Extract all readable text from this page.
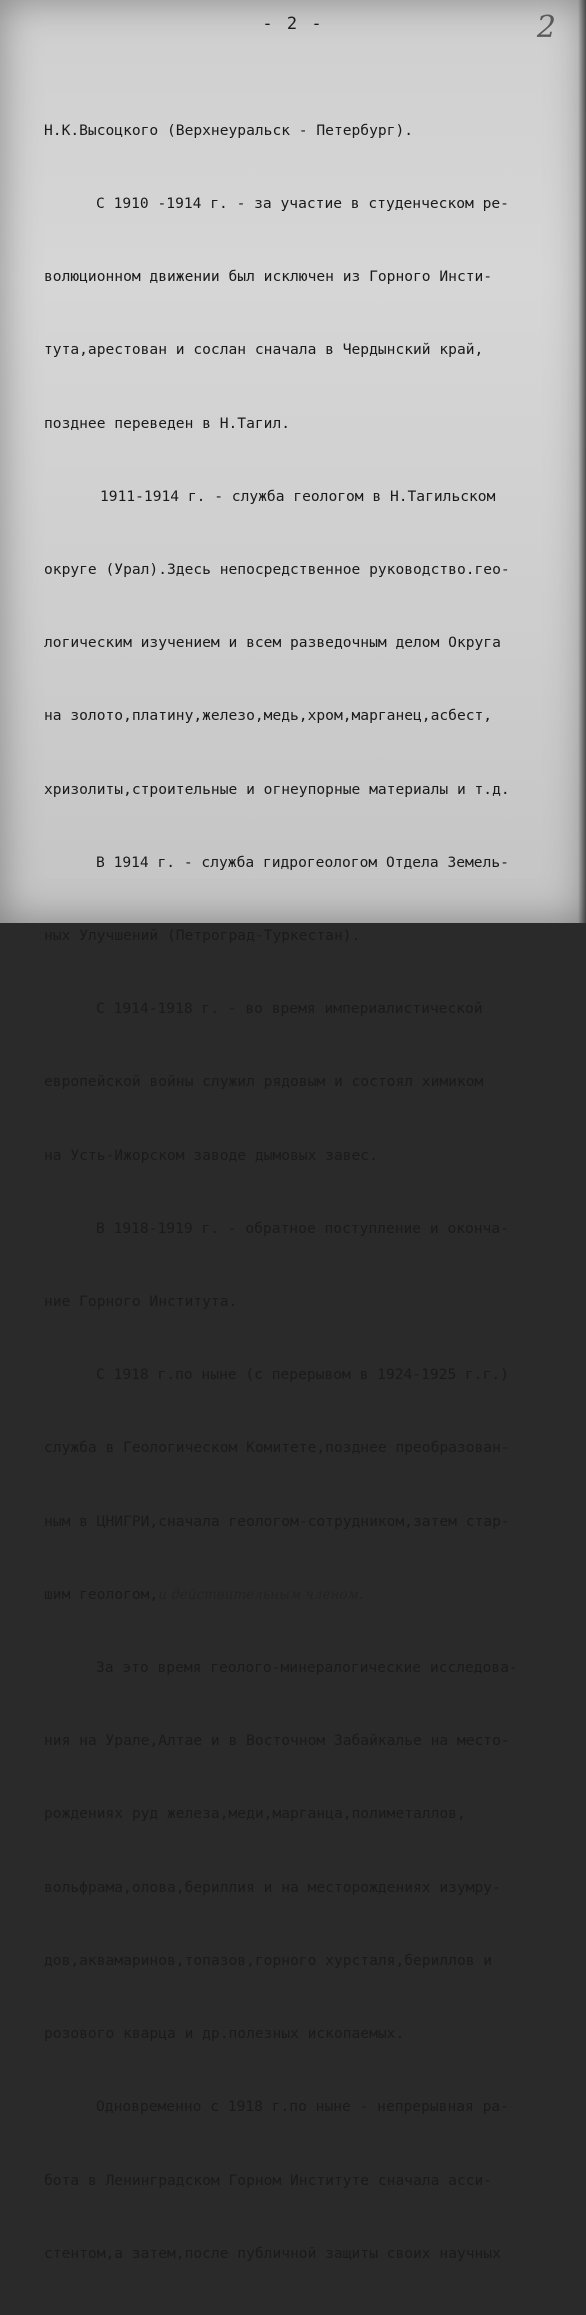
- 2 -	2

Н.К.Высоцкого (Верхнеуральск - Петербург).

С 1910 -1914 г. - за участие в студенческом ре-

волюционном движении был исключен из Горного Инсти-

тута,арестован и сослан сначала в Чердынский край,

позднее переведен в Н.Тагил.

1911-1914 г. - служба геологом в Н.Тагильском

округе (Урал).Здесь непосредственное руководство.гео-

логическим изучением и всем разведочным делом Округа

на золото,платину,железо,медь,хром,марганец,асбест,

хризолиты,строительные и огнеупорные материалы и т.д.

В 1914 г. - служба гидрогеологом Отдела Земель-

ных Улучшений (Петроград-Туркестан).

С 1914-1918 г. - во время империалистической

европейской войны служил рядовым и состоял химиком

на Усть-Ижорском заводе дымовых завес.

В 1918-1919 г. - обратное поступление и оконча-

ние Горного Института.

С 1918 г.по ныне (с перерывом в 1924-1925 г.г.)

служба в Геологическом Комитете,позднее преобразован-

ным в ЦНИГРИ,сначала геологом-сотрудником,затем стар-

шим геологом,и действительным членом.

За это время геолого-минералогические исследова-

ния на Урале,Алтае и в Восточном Забайкалье на место-

рождениях руд железа,меди,марганца,полиметаллов,

вольфрама,олова,бериллия и на месторождениях изумру-

дов,аквамаринов,топазов,горного хурсталя,бериллов и

розового кварца и др.полезных ископаемых.

Одновременно с 1918 г.по ныне - непрерывная ра-

бота в Ленинградском Горном Институте сначала асси-

стентом,а затем,после публичной защиты своих научных
